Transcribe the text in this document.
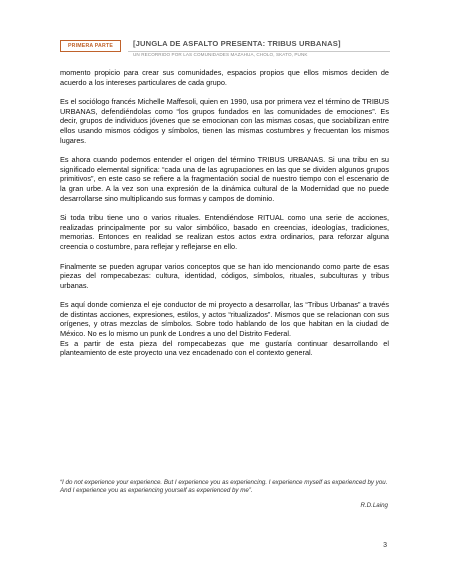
PRIMERA PARTE	[JUNGLA DE ASFALTO PRESENTA: TRIBUS URBANAS]
UN RECORRIDO POR LAS COMUNIDADES MAZAHUA, CHOLO, SKATO, PUNK

momento propicio para crear sus comunidades, espacios propios que ellos mismos deciden de acuerdo a los intereses particulares de cada grupo.

Es el sociólogo francés Michelle Maffesoli, quien en 1990, usa por primera vez el término de TRIBUS URBANAS, defendiéndolas como “los grupos fundados en las comunidades de emociones”. Es decir, grupos de individuos jóvenes que se emocionan con las mismas cosas, que sociabilizan entre ellos usando mismos códigos y símbolos, tienen las mismas costumbres y frecuentan los mismos lugares.

Es ahora cuando podemos entender el origen del término TRIBUS URBANAS. Si una tribu en su significado elemental significa: “cada una de las agrupaciones en las que se dividen algunos grupos primitivos”, en este caso se refiere a la fragmentación social de nuestro tiempo con el escenario de la gran urbe. A la vez son una expresión de la dinámica cultural de la Modernidad que no puede desarrollarse sino multiplicando sus formas y campos de dominio.

Si toda tribu tiene uno o varios rituales. Entendiéndose RITUAL como una serie de acciones, realizadas principalmente por su valor simbólico, basado en creencias, ideologías, tradiciones, memorias. Entonces en realidad se realizan estos actos extra ordinarios, para reforzar alguna creencia o costumbre, para reflejar y reflejarse en ello.

Finalmente se pueden agrupar varios conceptos que se han ido mencionando como parte de esas piezas del rompecabezas: cultura, identidad, códigos, símbolos, rituales, subculturas y tribus urbanas.

Es aquí donde comienza el eje conductor de mi proyecto a desarrollar, las “Tribus Urbanas” a través de distintas acciones, expresiones, estilos, y actos “ritualizados”. Mismos que se relacionan con sus orígenes, y otras mezclas de símbolos. Sobre todo hablando de los que habitan en la ciudad de México. No es lo mismo un punk de Londres a uno del Distrito Federal.

Es a partir de esta pieza del rompecabezas que me gustaría continuar desarrollando el planteamiento de este proyecto una vez encadenado con el contexto general.

“I do not experience your experience. But I experience you as experiencing. I experience myself as experienced by you. And I experience you as experiencing yourself as experienced by me”.
R.D.Laing
3
